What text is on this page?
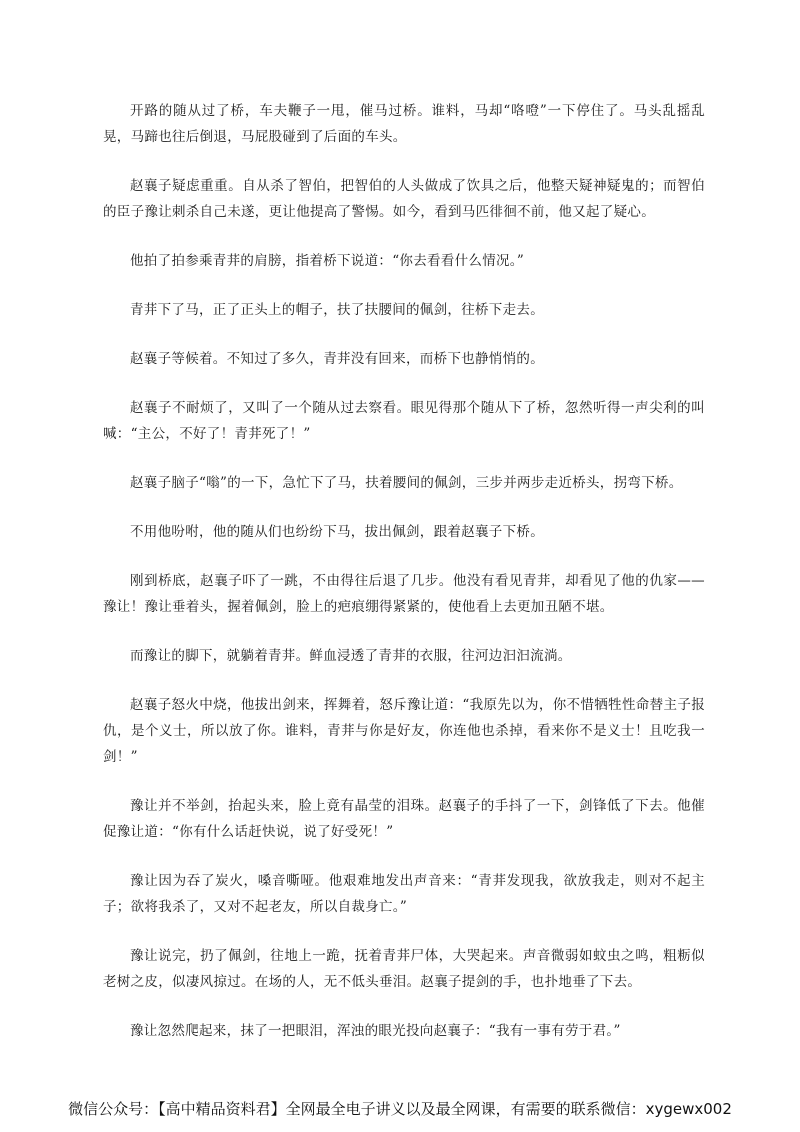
开路的随从过了桥，车夫鞭子一甩，催马过桥。谁料，马却“咯噔”一下停住了。马头乱摇乱晃，马蹄也往后倒退，马屁股碰到了后面的车头。

赵襄子疑虑重重。自从杀了智伯，把智伯的人头做成了饮具之后，他整天疑神疑鬼的；而智伯的臣子豫让刺杀自己未遂，更让他提高了警惕。如今，看到马匹徘徊不前，他又起了疑心。

他拍了拍参乘青荓的肩膀，指着桥下说道：“你去看看什么情况。”

青荓下了马，正了正头上的帽子，扶了扶腰间的佩剑，往桥下走去。

赵襄子等候着。不知过了多久，青荓没有回来，而桥下也静悄悄的。

赵襄子不耐烦了，又叫了一个随从过去察看。眼见得那个随从下了桥，忽然听得一声尖利的叫喊：“主公，不好了！青荓死了！”

赵襄子脑子“嗡”的一下，急忙下了马，扶着腰间的佩剑，三步并两步走近桥头，拐弯下桥。

不用他吩咐，他的随从们也纷纷下马，拔出佩剑，跟着赵襄子下桥。

刚到桥底，赵襄子吓了一跳，不由得往后退了几步。他没有看见青荓，却看见了他的仇家——豫让！豫让垂着头，握着佩剑，脸上的疤痕绷得紧紧的，使他看上去更加丑陋不堪。

而豫让的脚下，就躺着青荓。鲜血浸透了青荓的衣服，往河边汩汩流淌。

赵襄子怒火中烧，他拔出剑来，挥舞着，怒斥豫让道：“我原先以为，你不惜牺牲性命替主子报仇，是个义士，所以放了你。谁料，青荓与你是好友，你连他也杀掉，看来你不是义士！且吃我一剑！”

豫让并不举剑，抬起头来，脸上竟有晶莹的泪珠。赵襄子的手抖了一下，剑锋低了下去。他催促豫让道：“你有什么话赶快说，说了好受死！”

豫让因为吞了炭火，嗓音嘶哑。他艰难地发出声音来：“青荓发现我，欲放我走，则对不起主子；欲将我杀了，又对不起老友，所以自裁身亡。”

豫让说完，扔了佩剑，往地上一跪，抚着青荓尸体，大哭起来。声音微弱如蚊虫之鸣，粗粝似老树之皮，似凄风掠过。在场的人，无不低头垂泪。赵襄子提剑的手，也扑地垂了下去。

豫让忽然爬起来，抹了一把眼泪，浑浊的眼光投向赵襄子：“我有一事有劳于君。”

微信公众号：【高中精品资料君】全网最全电子讲义以及最全网课，有需要的联系微信：xygewx002
